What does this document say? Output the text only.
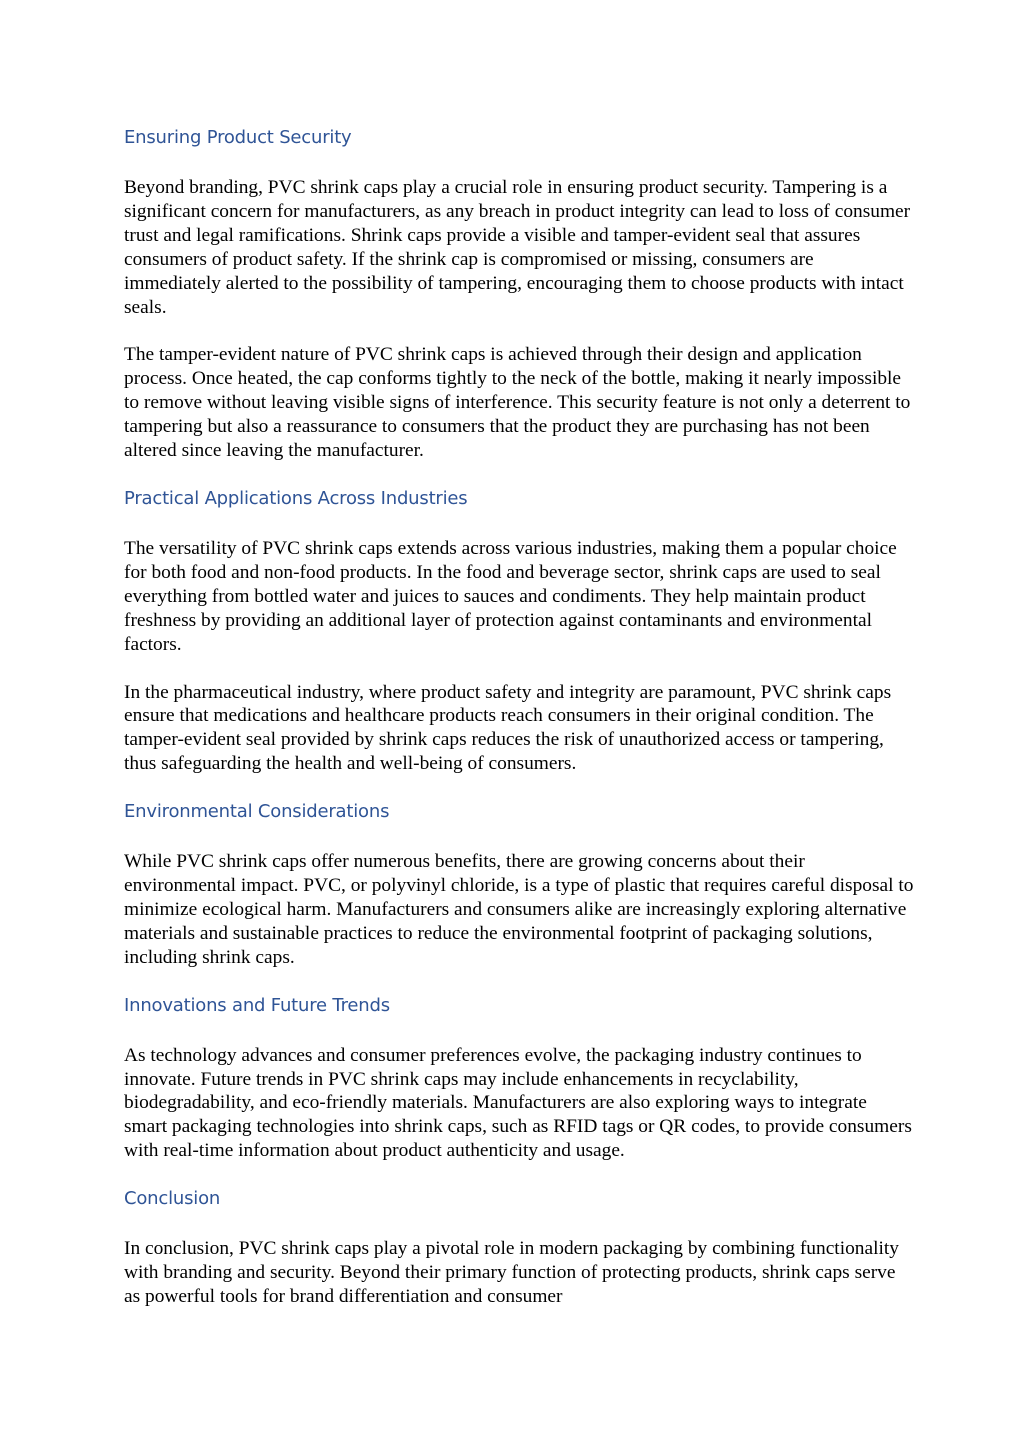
Ensuring Product Security

Beyond branding, PVC shrink caps play a crucial role in ensuring product security. Tampering is a significant concern for manufacturers, as any breach in product integrity can lead to loss of consumer trust and legal ramifications. Shrink caps provide a visible and tamper-evident seal that assures consumers of product safety. If the shrink cap is compromised or missing, consumers are immediately alerted to the possibility of tampering, encouraging them to choose products with intact seals.

The tamper-evident nature of PVC shrink caps is achieved through their design and application process. Once heated, the cap conforms tightly to the neck of the bottle, making it nearly impossible to remove without leaving visible signs of interference. This security feature is not only a deterrent to tampering but also a reassurance to consumers that the product they are purchasing has not been altered since leaving the manufacturer.

Practical Applications Across Industries

The versatility of PVC shrink caps extends across various industries, making them a popular choice for both food and non-food products. In the food and beverage sector, shrink caps are used to seal everything from bottled water and juices to sauces and condiments. They help maintain product freshness by providing an additional layer of protection against contaminants and environmental factors.

In the pharmaceutical industry, where product safety and integrity are paramount, PVC shrink caps ensure that medications and healthcare products reach consumers in their original condition. The tamper-evident seal provided by shrink caps reduces the risk of unauthorized access or tampering, thus safeguarding the health and well-being of consumers.

Environmental Considerations

While PVC shrink caps offer numerous benefits, there are growing concerns about their environmental impact. PVC, or polyvinyl chloride, is a type of plastic that requires careful disposal to minimize ecological harm. Manufacturers and consumers alike are increasingly exploring alternative materials and sustainable practices to reduce the environmental footprint of packaging solutions, including shrink caps.

Innovations and Future Trends

As technology advances and consumer preferences evolve, the packaging industry continues to innovate. Future trends in PVC shrink caps may include enhancements in recyclability, biodegradability, and eco-friendly materials. Manufacturers are also exploring ways to integrate smart packaging technologies into shrink caps, such as RFID tags or QR codes, to provide consumers with real-time information about product authenticity and usage.

Conclusion

In conclusion, PVC shrink caps play a pivotal role in modern packaging by combining functionality with branding and security. Beyond their primary function of protecting products, shrink caps serve as powerful tools for brand differentiation and consumer
